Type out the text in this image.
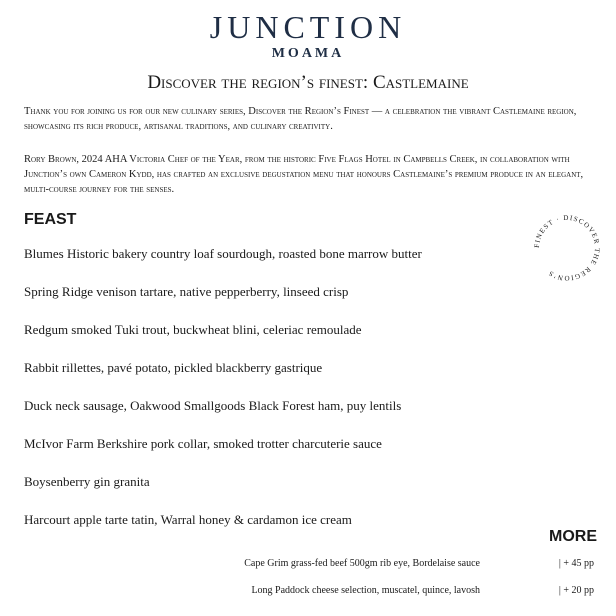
JUNCTION
MOAMA
Discover the region’s finest: Castlemaine

Thank you for joining us for our new culinary series, Discover the Region’s Finest — a celebration the vibrant Castlemaine region, showcasing its rich produce, artisanal traditions, and culinary creativity.

Rory Brown, 2024 AHA Victoria Chef of the Year, from the historic Five Flags Hotel in Campbells Creek, in collaboration with Junction’s own Cameron Kydd, has crafted an exclusive degustation menu that honours Castlemaine’s premium produce in an elegant, multi-course journey for the senses.

FEAST
Blumes Historic bakery country loaf sourdough, roasted bone marrow butter
Spring Ridge venison tartare, native pepperberry, linseed crisp
Redgum smoked Tuki trout, buckwheat blini, celeriac remoulade
Rabbit rillettes, pavé potato, pickled blackberry gastrique
Duck neck sausage, Oakwood Smallgoods Black Forest ham, puy lentils
McIvor Farm Berkshire pork collar, smoked trotter charcuterie sauce
Boysenberry gin granita
Harcourt apple tarte tatin, Warral honey & cardamon ice cream
FINEST · DISCOVER THE REGION’S
MORE
Cape Grim grass-fed beef 500gm rib eye, Bordelaise sauce	| + 45 pp
Long Paddock cheese selection, muscatel, quince, lavosh	| + 20 pp
